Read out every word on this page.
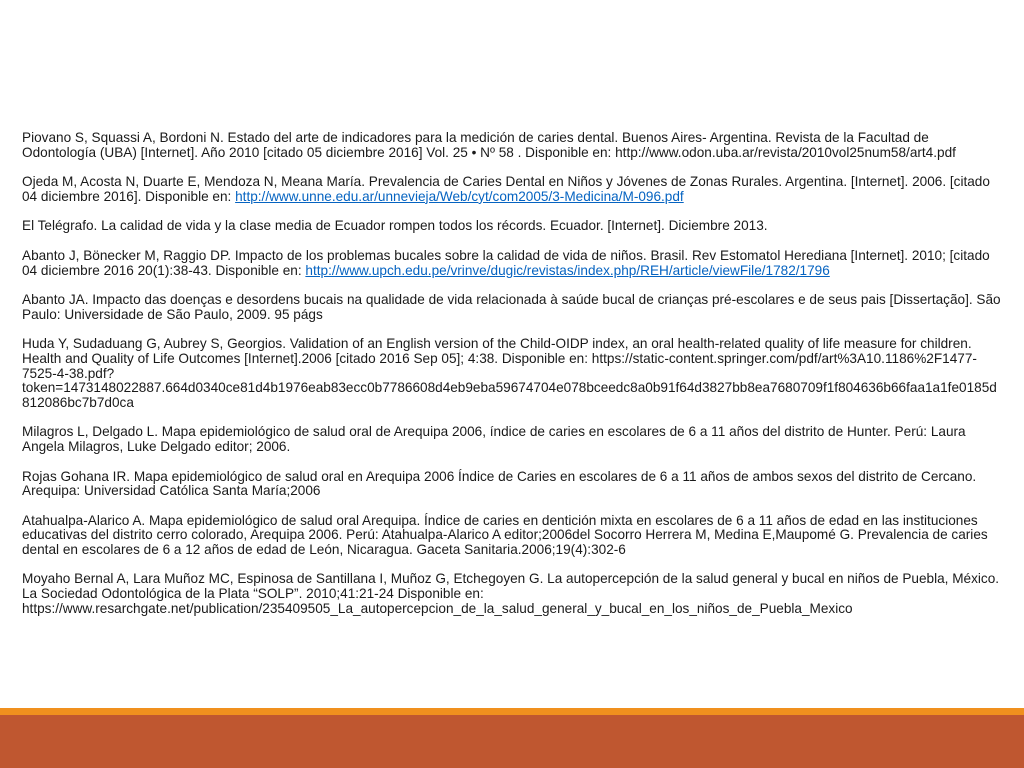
Piovano S, Squassi A, Bordoni N. Estado del arte de indicadores para la medición de caries dental. Buenos Aires- Argentina. Revista de la Facultad de Odontología (UBA) [Internet]. Año 2010 [citado 05 diciembre 2016] Vol. 25 • Nº 58 . Disponible en: http://www.odon.uba.ar/revista/2010vol25num58/art4.pdf

Ojeda M, Acosta N, Duarte E, Mendoza N, Meana María. Prevalencia de Caries Dental en Niños y Jóvenes de Zonas Rurales. Argentina. [Internet]. 2006. [citado 04 diciembre 2016]. Disponible en: http://www.unne.edu.ar/unnevieja/Web/cyt/com2005/3-Medicina/M-096.pdf

El Telégrafo. La calidad de vida y la clase media de Ecuador rompen todos los récords. Ecuador. [Internet]. Diciembre 2013.

Abanto J, Bönecker M, Raggio DP. Impacto de los problemas bucales sobre la calidad de vida de niños. Brasil. Rev Estomatol Herediana [Internet]. 2010; [citado 04 diciembre 2016 20(1):38-43. Disponible en: http://www.upch.edu.pe/vrinve/dugic/revistas/index.php/REH/article/viewFile/1782/1796

Abanto JA. Impacto das doenças e desordens bucais na qualidade de vida relacionada à saúde bucal de crianças pré-escolares e de seus pais [Dissertação]. São Paulo: Universidade de São Paulo, 2009. 95 págs

Huda Y, Sudaduang G, Aubrey S, Georgios. Validation of an English version of the Child-OIDP index, an oral health-related quality of life measure for children. Health and Quality of Life Outcomes [Internet].2006 [citado 2016 Sep 05]; 4:38. Disponible en: https://static-content.springer.com/pdf/art%3A10.1186%2F1477-7525-4-38.pdf?token=1473148022887.664d0340ce81d4b1976eab83ecc0b7786608d4eb9eba59674704e078bceedc8a0b91f64d3827bb8ea7680709f1f804636b66faa1a1fe0185d812086bc7b7d0ca

Milagros L, Delgado L. Mapa epidemiológico de salud oral de Arequipa 2006, índice de caries en escolares de 6 a 11 años del distrito de Hunter. Perú: Laura Angela Milagros, Luke Delgado editor; 2006.

Rojas Gohana IR. Mapa epidemiológico de salud oral en Arequipa 2006 Índice de Caries en escolares de 6 a 11 años de ambos sexos del distrito de Cercano. Arequipa: Universidad Católica Santa María;2006

Atahualpa-Alarico A. Mapa epidemiológico de salud oral Arequipa. Índice de caries en dentición mixta en escolares de 6 a 11 años de edad en las instituciones educativas del distrito cerro colorado, Arequipa 2006. Perú: Atahualpa-Alarico A editor;2006del Socorro Herrera M, Medina E,Maupomé G. Prevalencia de caries dental en escolares de 6 a 12 años de edad de León, Nicaragua. Gaceta Sanitaria.2006;19(4):302-6

Moyaho Bernal A, Lara Muñoz MC, Espinosa de Santillana I, Muñoz G, Etchegoyen G. La autopercepción de la salud general y bucal en niños de Puebla, México. La Sociedad Odontológica de la Plata “SOLP”. 2010;41:21-24 Disponible en: https://www.resarchgate.net/publication/235409505_La_autopercepcion_de_la_salud_general_y_bucal_en_los_niños_de_Puebla_Mexico
